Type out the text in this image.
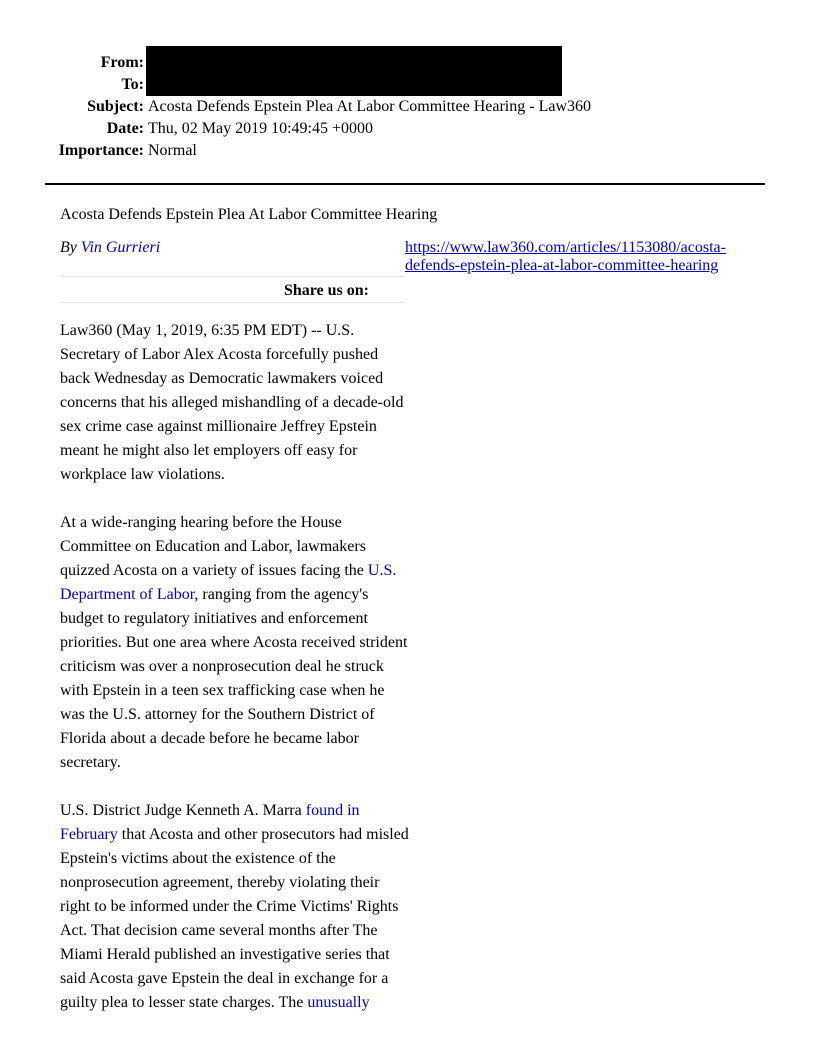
From:
To:
Subject: Acosta Defends Epstein Plea At Labor Committee Hearing - Law360
Date: Thu, 02 May 2019 10:49:45 +0000
Importance: Normal
Acosta Defends Epstein Plea At Labor Committee Hearing
By Vin Gurrieri	https://www.law360.com/articles/1153080/acosta-
defends-epstein-plea-at-labor-committee-hearing
Share us on:

Law360 (May 1, 2019, 6:35 PM EDT) -- U.S. Secretary of Labor Alex Acosta forcefully pushed back Wednesday as Democratic lawmakers voiced concerns that his alleged mishandling of a decade-old sex crime case against millionaire Jeffrey Epstein meant he might also let employers off easy for workplace law violations.

At a wide-ranging hearing before the House Committee on Education and Labor, lawmakers quizzed Acosta on a variety of issues facing the U.S. Department of Labor, ranging from the agency's budget to regulatory initiatives and enforcement priorities. But one area where Acosta received strident criticism was over a nonprosecution deal he struck with Epstein in a teen sex trafficking case when he was the U.S. attorney for the Southern District of Florida about a decade before he became labor secretary.

U.S. District Judge Kenneth A. Marra found in February that Acosta and other prosecutors had misled Epstein's victims about the existence of the nonprosecution agreement, thereby violating their right to be informed under the Crime Victims' Rights Act. That decision came several months after The Miami Herald published an investigative series that said Acosta gave Epstein the deal in exchange for a guilty plea to lesser state charges. The unusually
